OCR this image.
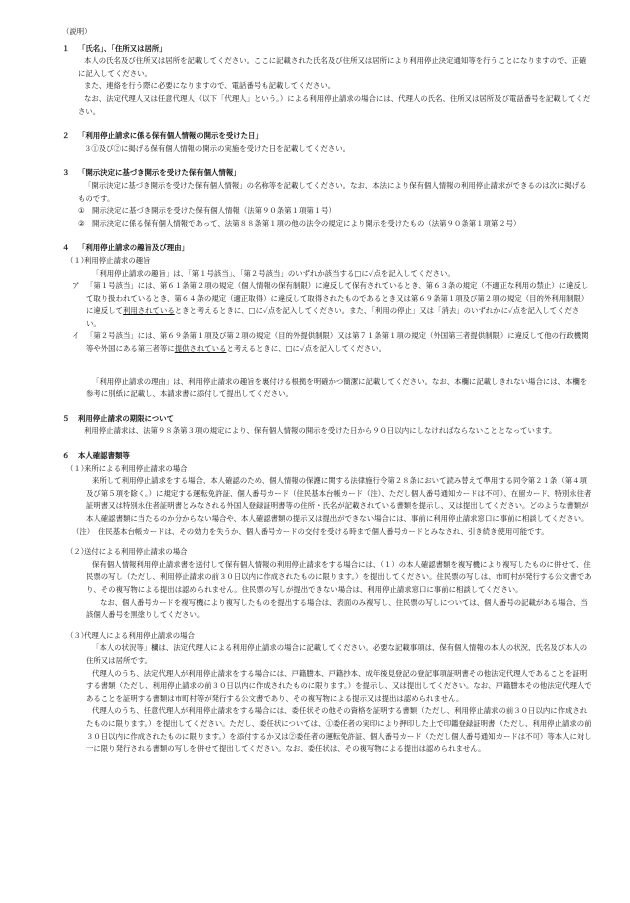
（説明）
１	「氏名」、「住所又は居所」
本人の氏名及び住所又は居所を記載してください。ここに記載された氏名及び住所又は居所により利用停止決定通知等を行うことになりますので、正確に記入してください。
また、連絡を行う際に必要になりますので、電話番号も記載してください。
なお、法定代理人又は任意代理人（以下「代理人」という。）による利用停止請求の場合には、代理人の氏名、住所又は居所及び電話番号を記載してください。
２	「利用停止請求に係る保有個人情報の開示を受けた日」
３①及び②に掲げる保有個人情報の開示の実施を受けた日を記載してください。
３	「開示決定に基づき開示を受けた保有個人情報」
「開示決定に基づき開示を受けた保有個人情報」の名称等を記載してください。なお、本法により保有個人情報の利用停止請求ができるのは次に掲げるものです。
① 開示決定に基づき開示を受けた保有個人情報（法第９０条第１項第１号）
② 開示決定に係る保有個人情報であって、法第８８条第１項の他の法令の規定により開示を受けたもの（法第９０条第１項第２号）
４	「利用停止請求の趣旨及び理由」
（１）
利用停止請求の趣旨
「利用停止請求の趣旨」は、「第１号該当」、「第２号該当」のいずれか該当する□に✓点を記入してください。
ア 「第１号該当」には、第６１条第２項の規定（個人情報の保有制限）に違反して保有されているとき、第６３条の規定（不適正な利用の禁止）に違反して取り扱われているとき、第６４条の規定（適正取得）に違反して取得されたものであるとき又は第６９条第１項及び第２項の規定（目的外利用制限）に違反して利用されているときと考えるときに、□に✓点を記入してください。また、「利用の停止」又は「消去」のいずれかに✓点を記入してください。
イ 「第２号該当」には、第６９条第１項及び第２項の規定（目的外提供制限）又は第７１条第１項の規定（外国第三者提供制限）に違反して他の行政機関等や外国にある第三者等に提供されていると考えるときに、□に✓点を記入してください。
「利用停止請求の理由」は、利用停止請求の趣旨を裏付ける根拠を明確かつ簡潔に記載してください。なお、本欄に記載しきれない場合には、本欄を参考に別紙に記載し、本請求書に添付して提出してください。
５	利用停止請求の期限について
利用停止請求は、法第９８条第３項の規定により、保有個人情報の開示を受けた日から９０日以内にしなければならないこととなっています。
６	本人確認書類等
（１）
来所による利用停止請求の場合
来所して利用停止請求をする場合、本人確認のため、個人情報の保護に関する法律施行令第２８条において読み替えて準用する同令第２１条（第４項及び第５項を除く。）に規定する運転免許証、個人番号カード（住民基本台帳カード（注）、ただし個人番号通知カードは不可）、在留カード、特別永住者証明書又は特別永住者証明書とみなされる外国人登録証明書等の住所・氏名が記載されている書類を提示し、又は提出してください。どのような書類が本人確認書類に当たるのか分からない場合や、本人確認書類の提示又は提出ができない場合には、事前に利用停止請求窓口に事前に相談してください。
（注） 住民基本台帳カードは、その効力を失うか、個人番号カードの交付を受ける時まで個人番号カードとみなされ、引き続き使用可能です。
（２）
送付による利用停止請求の場合
保有個人情報利用停止請求書を送付して保有個人情報の利用停止請求をする場合には、（１）の本人確認書類を複写機により複写したものに併せて、住民票の写し（ただし、利用停止請求の前３０日以内に作成されたものに限ります。）を提出してください。住民票の写しは、市町村が発行する公文書であり、その複写物による提出は認められません。住民票の写しが提出できない場合は、利用停止請求窓口に事前に相談してください。
なお、個人番号カードを複写機により複写したものを提出する場合は、表面のみ複写し、住民票の写しについては、個人番号の記載がある場合、当該個人番号を黒塗りしてください。
（３）
代理人による利用停止請求の場合
「本人の状況等」欄は、法定代理人による利用停止請求の場合に記載してください。必要な記載事項は、保有個人情報の本人の状況、氏名及び本人の住所又は居所です。
代理人のうち、法定代理人が利用停止請求をする場合には、戸籍謄本、戸籍抄本、成年後見登記の登記事項証明書その他法定代理人であることを証明する書類（ただし、利用停止請求の前３０日以内に作成されたものに限ります。）を提示し、又は提出してください。なお、戸籍謄本その他法定代理人であることを証明する書類は市町村等が発行する公文書であり、その複写物による提示又は提出は認められません。
代理人のうち、任意代理人が利用停止請求をする場合には、委任状その他その資格を証明する書類（ただし、利用停止請求の前３０日以内に作成されたものに限ります。）を提出してください。ただし、委任状については、①委任者の実印により押印した上で印鑑登録証明書（ただし、利用停止請求の前３０日以内に作成されたものに限ります。）を添付するか又は②委任者の運転免許証、個人番号カード（ただし個人番号通知カードは不可）等本人に対し一に限り発行される書類の写しを併せて提出してください。なお、委任状は、その複写物による提出は認められません。
